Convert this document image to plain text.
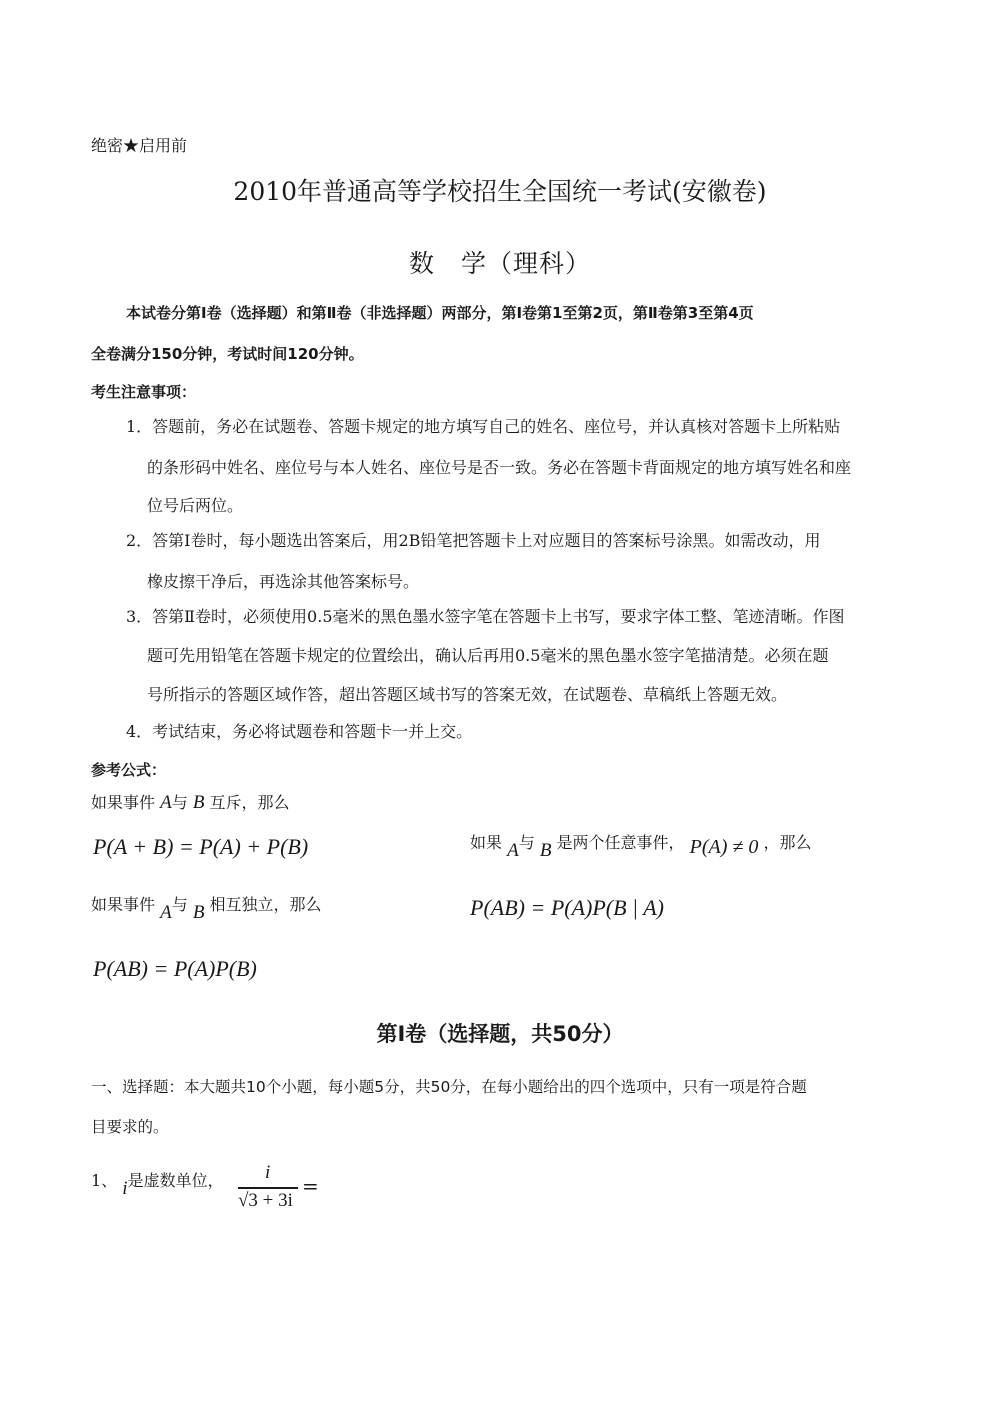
绝密★启用前
2010年普通高等学校招生全国统一考试(安徽卷)
数　学（理科）
本试卷分第Ⅰ卷（选择题）和第Ⅱ卷（非选择题）两部分，第Ⅰ卷第1至第2页，第Ⅱ卷第3至第4页
全卷满分150分钟，考试时间120分钟。
考生注意事项：
1．答题前，务必在试题卷、答题卡规定的地方填写自己的姓名、座位号，并认真核对答题卡上所粘贴
的条形码中姓名、座位号与本人姓名、座位号是否一致。务必在答题卡背面规定的地方填写姓名和座
位号后两位。
2．答第Ⅰ卷时，每小题选出答案后，用2B铅笔把答题卡上对应题目的答案标号涂黑。如需改动，用
橡皮擦干净后，再选涂其他答案标号。
3．答第Ⅱ卷时，必须使用0.5毫米的黑色墨水签字笔在答题卡上书写，要求字体工整、笔迹清晰。作图
题可先用铅笔在答题卡规定的位置绘出，确认后再用0.5毫米的黑色墨水签字笔描清楚。必须在题
号所指示的答题区域作答，超出答题区域书写的答案无效，在试题卷、草稿纸上答题无效。
4．考试结束，务必将试题卷和答题卡一并上交。
参考公式：
如果事件 A与 B 互斥，那么
P(A + B) = P(A) + P(B)	如果 A与 B 是两个任意事件， P(A) ≠ 0 ，那么
P(AB) = P(A)P(B | A)
如果事件 A与 B 相互独立，那么
P(AB) = P(A)P(B)
第Ⅰ卷（选择题，共50分）
一、选择题：本大题共10个小题，每小题5分，共50分，在每小题给出的四个选项中，只有一项是符合题
目要求的。
1、 i是虚数单位， i
√3 + 3i
=
